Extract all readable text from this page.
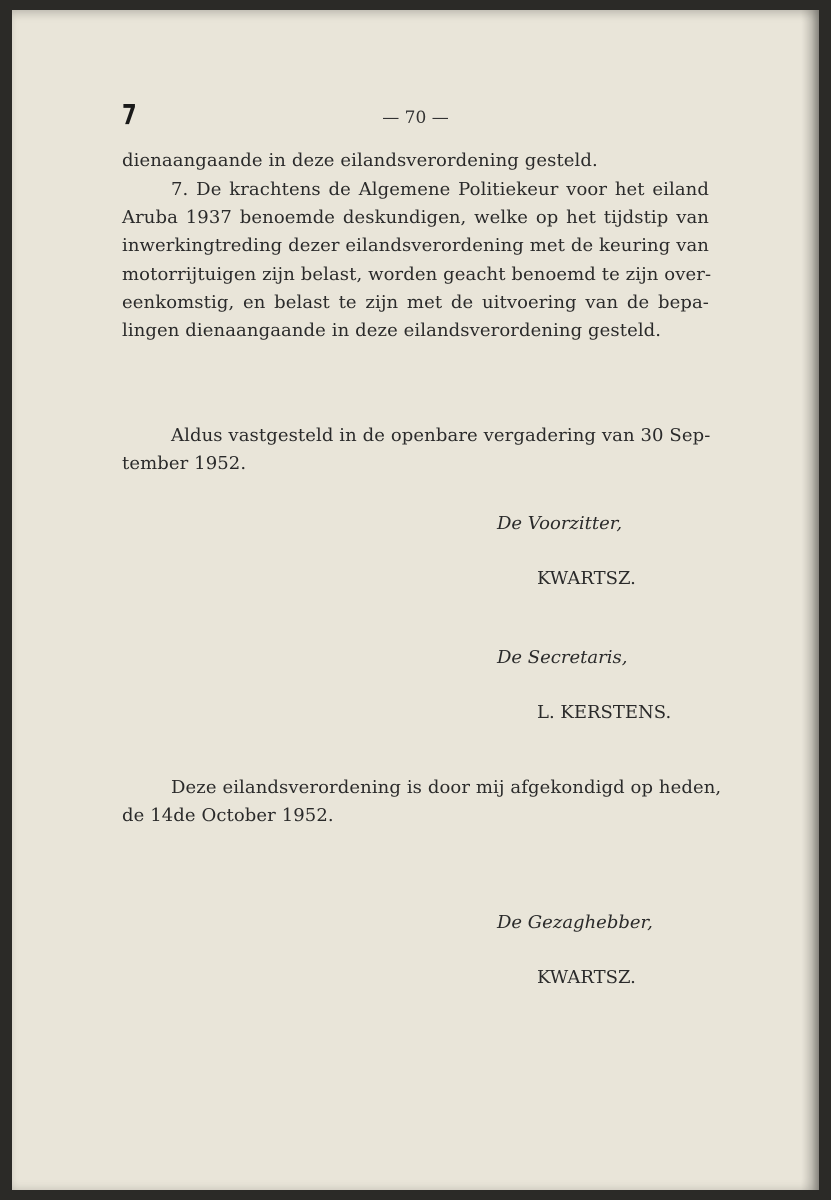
7	— 70 —
dienaangaande in deze eilandsverordening gesteld.
7. De krachtens de Algemene Politiekeur voor het eiland
Aruba 1937 benoemde deskundigen, welke op het tijdstip van
inwerkingtreding dezer eilandsverordening met de keuring van
motorrijtuigen zijn belast, worden geacht benoemd te zijn over-
eenkomstig, en belast te zijn met de uitvoering van de bepa-
lingen dienaangaande in deze eilandsverordening gesteld.
Aldus vastgesteld in de openbare vergadering van 30 Sep-
tember 1952.
De Voorzitter,
KWARTSZ.
De Secretaris,
L. KERSTENS.
Deze eilandsverordening is door mij afgekondigd op heden,
de 14de October 1952.
De Gezaghebber,
KWARTSZ.
